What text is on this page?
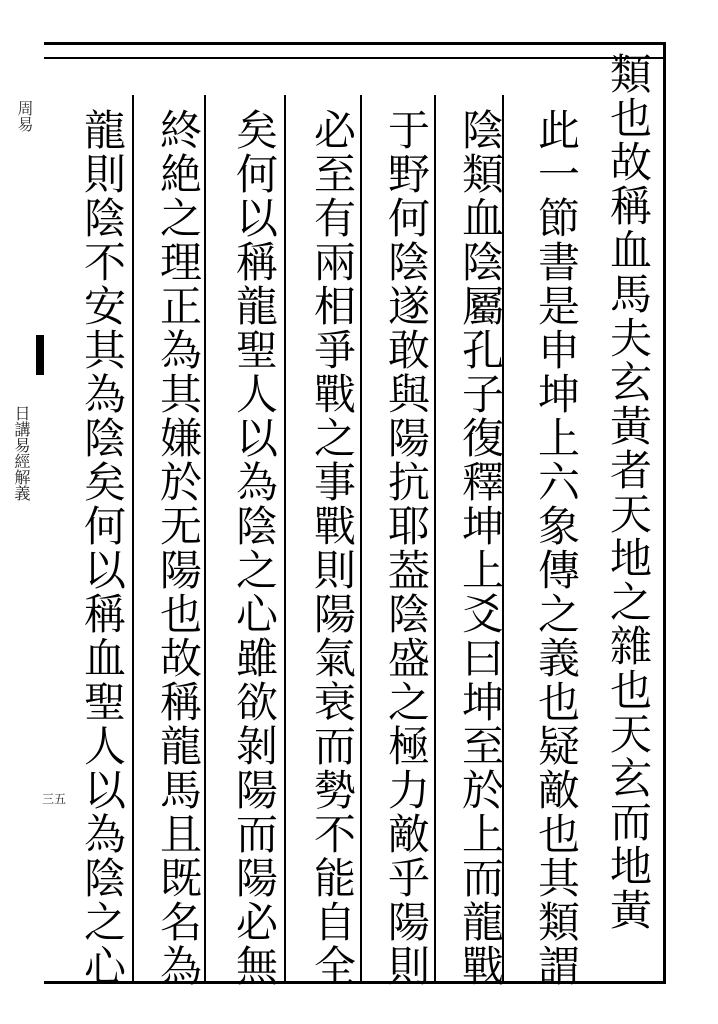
周易
日講易經解義
三五	類也故稱血馬夫玄黃者天地之雜也天玄而地黃
此一節書是申坤上六象傳之義也疑敵也其類謂
陰類血陰屬孔子復釋坤上爻曰坤至於上而龍戰
于野何陰遂敢與陽抗耶葢陰盛之極力敵乎陽則
必至有兩相爭戰之事戰則陽氣衰而勢不能自全
矣何以稱龍聖人以為陰之心雖欲剝陽而陽必無
終絶之理正為其嫌於无陽也故稱龍馬且既名為
龍則陰不安其為陰矣何以稱血聖人以為陰之心
